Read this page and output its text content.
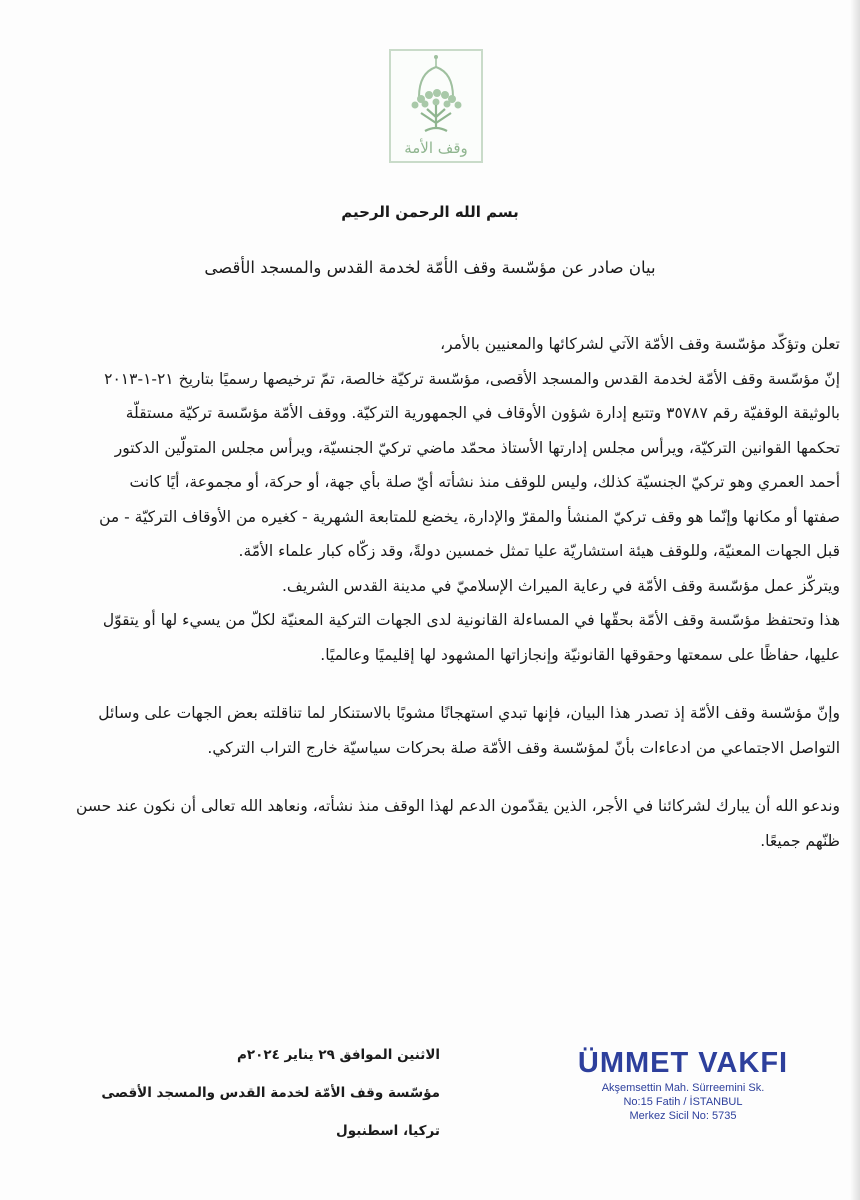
وقف الأمة
بسم الله الرحمن الرحيم
بيان صادر عن مؤسّسة وقف الأمّة لخدمة القدس والمسجد الأقصى
تعلن وتؤكّد مؤسّسة وقف الأمّة الآتي لشركائها والمعنيين بالأمر،
إنّ مؤسّسة وقف الأمّة لخدمة القدس والمسجد الأقصى، مؤسّسة تركيّة خالصة، تمّ ترخيصها رسميًا بتاريخ ٢١-١-٢٠١٣
بالوثيقة الوقفيّة رقم ٣٥٧٨٧ وتتبع إدارة شؤون الأوقاف في الجمهورية التركيّة. ووقف الأمّة مؤسّسة تركيّة مستقلّة
تحكمها القوانين التركيّة، ويرأس مجلس إدارتها الأستاذ محمّد ماضي تركيّ الجنسيّة، ويرأس مجلس المتولّين الدكتور
أحمد العمري وهو تركيّ الجنسيّة كذلك، وليس للوقف منذ نشأته أيّ صلة بأي جهة، أو حركة، أو مجموعة، أيًا كانت
صفتها أو مكانها وإنّما هو وقف تركيّ المنشأ والمقرّ والإدارة، يخضع للمتابعة الشهرية - كغيره من الأوقاف التركيّة - من
قبل الجهات المعنيّة، وللوقف هيئة استشاريّة عليا تمثل خمسين دولةً، وقد زكّاه كبار علماء الأمّة.
ويتركّز عمل مؤسّسة وقف الأمّة في رعاية الميراث الإسلاميّ في مدينة القدس الشريف.
هذا وتحتفظ مؤسّسة وقف الأمّة بحقّها في المساءلة القانونية لدى الجهات التركية المعنيّة لكلّ من يسيء لها أو يتقوّل
عليها، حفاظًا على سمعتها وحقوقها القانونيّة وإنجازاتها المشهود لها إقليميًا وعالميًا.
وإنّ مؤسّسة وقف الأمّة إذ تصدر هذا البيان، فإنها تبدي استهجانًا مشوبًا بالاستنكار لما تناقلته بعض الجهات على وسائل
التواصل الاجتماعي من ادعاءات بأنّ لمؤسّسة وقف الأمّة صلة بحركات سياسيّة خارج التراب التركي.
وندعو الله أن يبارك لشركائنا في الأجر، الذين يقدّمون الدعم لهذا الوقف منذ نشأته، ونعاهد الله تعالى أن نكون عند حسن
ظنّهم جميعًا.
الاثنين الموافق ٢٩ يناير ٢٠٢٤م
مؤسّسة وقف الأمّة لخدمة القدس والمسجد الأقصى
تركيا، اسطنبول
ÜMMET VAKFI
Akşemsettin Mah. Sürreemini Sk.
No:15 Fatih / İSTANBUL
Merkez Sicil No: 5735
